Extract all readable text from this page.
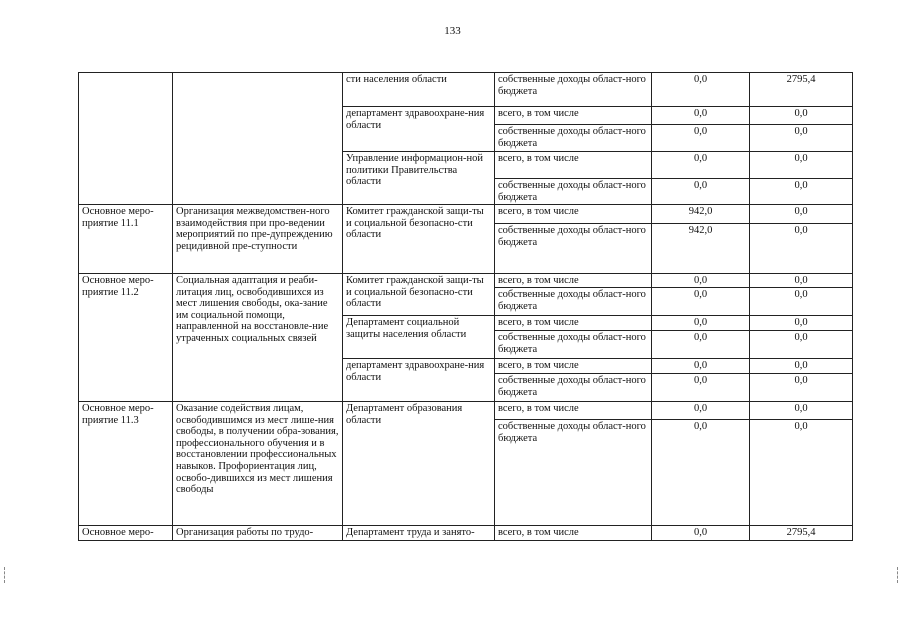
133
		сти населения области	собственные доходы област-ного бюджета	0,0	2795,4
		департамент здравоохране-ния области	всего, в том числе	0,0	0,0
			собственные доходы област-ного бюджета	0,0	0,0
		Управление информацион-ной политики Правительства области	всего, в том числе	0,0	0,0
			собственные доходы област-ного бюджета	0,0	0,0
Основное меро-приятие 11.1	Организация межведомствен-ного взаимодействия при про-ведении мероприятий по пре-дупреждению рецидивной пре-ступности	Комитет гражданской защи-ты и социальной безопасно-сти области	всего, в том числе	942,0	0,0
			собственные доходы област-ного бюджета	942,0	0,0
Основное меро-приятие 11.2	Социальная адаптация и реаби-литация лиц, освободившихся из мест лишения свободы, ока-зание им социальной помощи, направленной на восстановле-ние утраченных социальных связей	Комитет гражданской защи-ты и социальной безопасно-сти области	всего, в том числе	0,0	0,0
			собственные доходы област-ного бюджета	0,0	0,0
		Департамент социальной защиты населения области	всего, в том числе	0,0	0,0
			собственные доходы област-ного бюджета	0,0	0,0
		департамент здравоохране-ния области	всего, в том числе	0,0	0,0
			собственные доходы област-ного бюджета	0,0	0,0
Основное меро-приятие 11.3	Оказание содействия лицам, освободившимся из мест лише-ния свободы, в получении обра-зования, профессионального обучения и в восстановлении профессиональных навыков. Профориентация лиц, освобо-дившихся из мест лишения свободы	Департамент образования области	всего, в том числе	0,0	0,0
			собственные доходы област-ного бюджета	0,0	0,0
Основное меро-	Организация работы по трудо-	Департамент труда и занято-	всего, в том числе	0,0	2795,4
